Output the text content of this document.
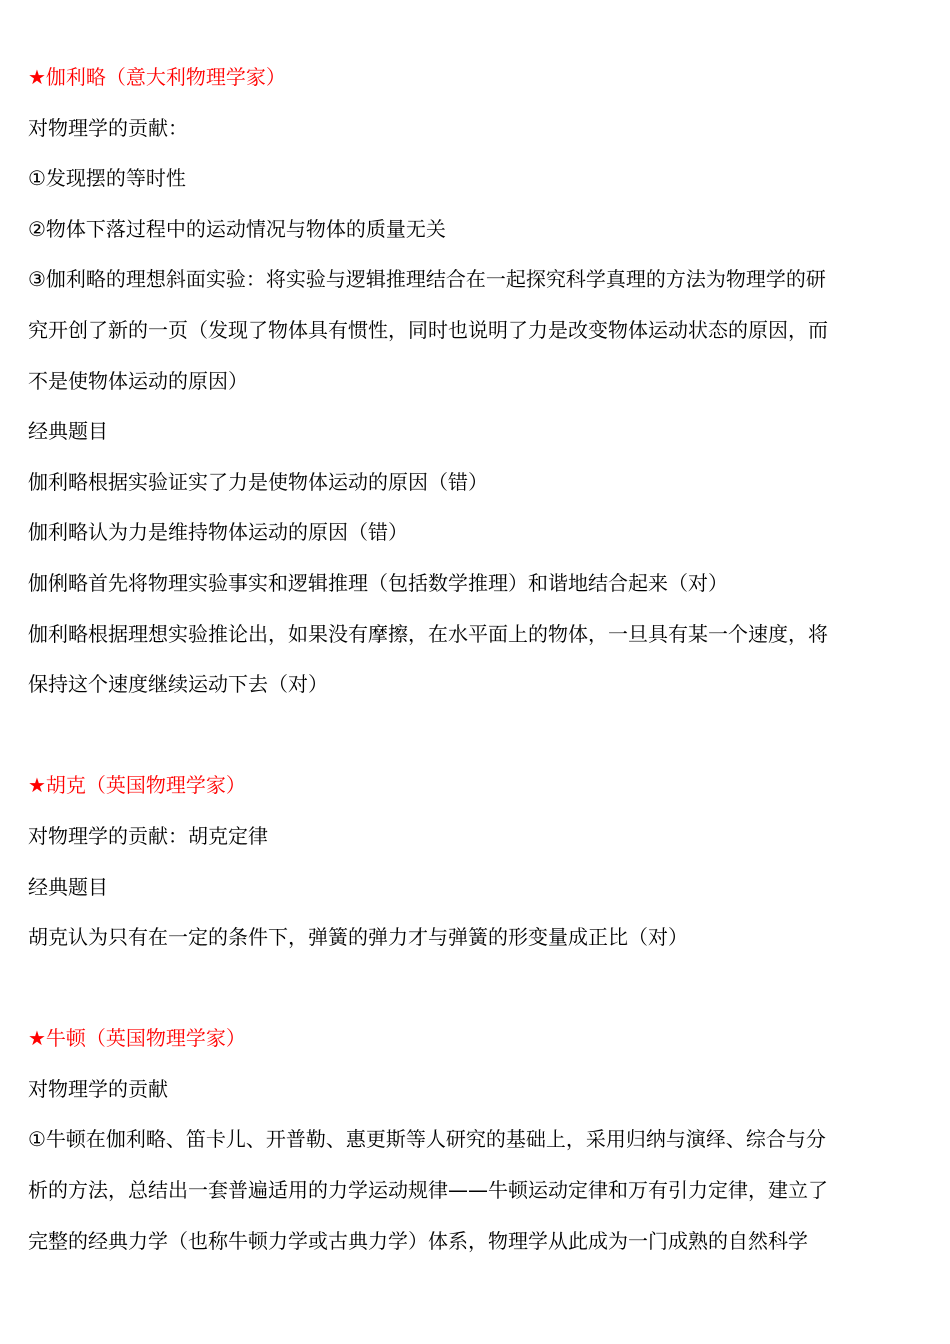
★伽利略（意大利物理学家）
对物理学的贡献：
①发现摆的等时性
②物体下落过程中的运动情况与物体的质量无关
③伽利略的理想斜面实验：将实验与逻辑推理结合在一起探究科学真理的方法为物理学的研
究开创了新的一页（发现了物体具有惯性，同时也说明了力是改变物体运动状态的原因，而
不是使物体运动的原因）
经典题目
伽利略根据实验证实了力是使物体运动的原因（错）
伽利略认为力是维持物体运动的原因（错）
伽俐略首先将物理实验事实和逻辑推理（包括数学推理）和谐地结合起来（对）
伽利略根据理想实验推论出，如果没有摩擦，在水平面上的物体，一旦具有某一个速度，将
保持这个速度继续运动下去（对）
★胡克（英国物理学家）
对物理学的贡献：胡克定律
经典题目
胡克认为只有在一定的条件下，弹簧的弹力才与弹簧的形变量成正比（对）
★牛顿（英国物理学家）
对物理学的贡献
①牛顿在伽利略、笛卡儿、开普勒、惠更斯等人研究的基础上，采用归纳与演绎、综合与分
析的方法，总结出一套普遍适用的力学运动规律——牛顿运动定律和万有引力定律，建立了
完整的经典力学（也称牛顿力学或古典力学）体系，物理学从此成为一门成熟的自然科学
